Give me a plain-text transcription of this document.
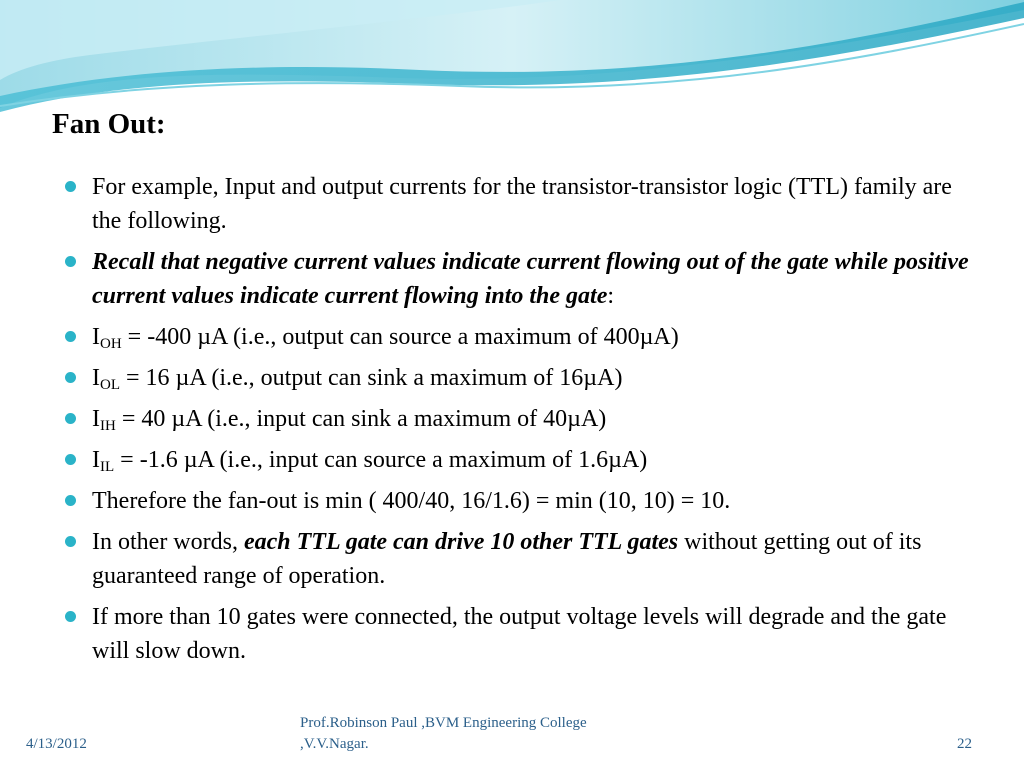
Fan Out:
For example, Input and output currents for the transistor-transistor logic (TTL) family are the following.
Recall that negative current values indicate current flowing out of the gate while positive current values indicate current flowing into the gate:
$I_{OH} = -400$ µA (i.e., output can source a maximum of 400µA)
$I_{OL} = 16$ µA (i.e., output can sink a maximum of 16µA)
$I_{IH} = 40$ µA (i.e., input can sink a maximum of 40µA)
$I_{IL} = -1.6$ µA (i.e., input can source a maximum of 1.6µA)
Therefore the fan-out is min ( 400/40, 16/1.6) = min (10, 10) = 10.
In other words, each TTL gate can drive 10 other TTL gates without getting out of its guaranteed range of operation.
If more than 10 gates were connected, the output voltage levels will degrade and the gate will slow down.
4/13/2012
Prof.Robinson Paul ,BVM Engineering College
,V.V.Nagar.	22
